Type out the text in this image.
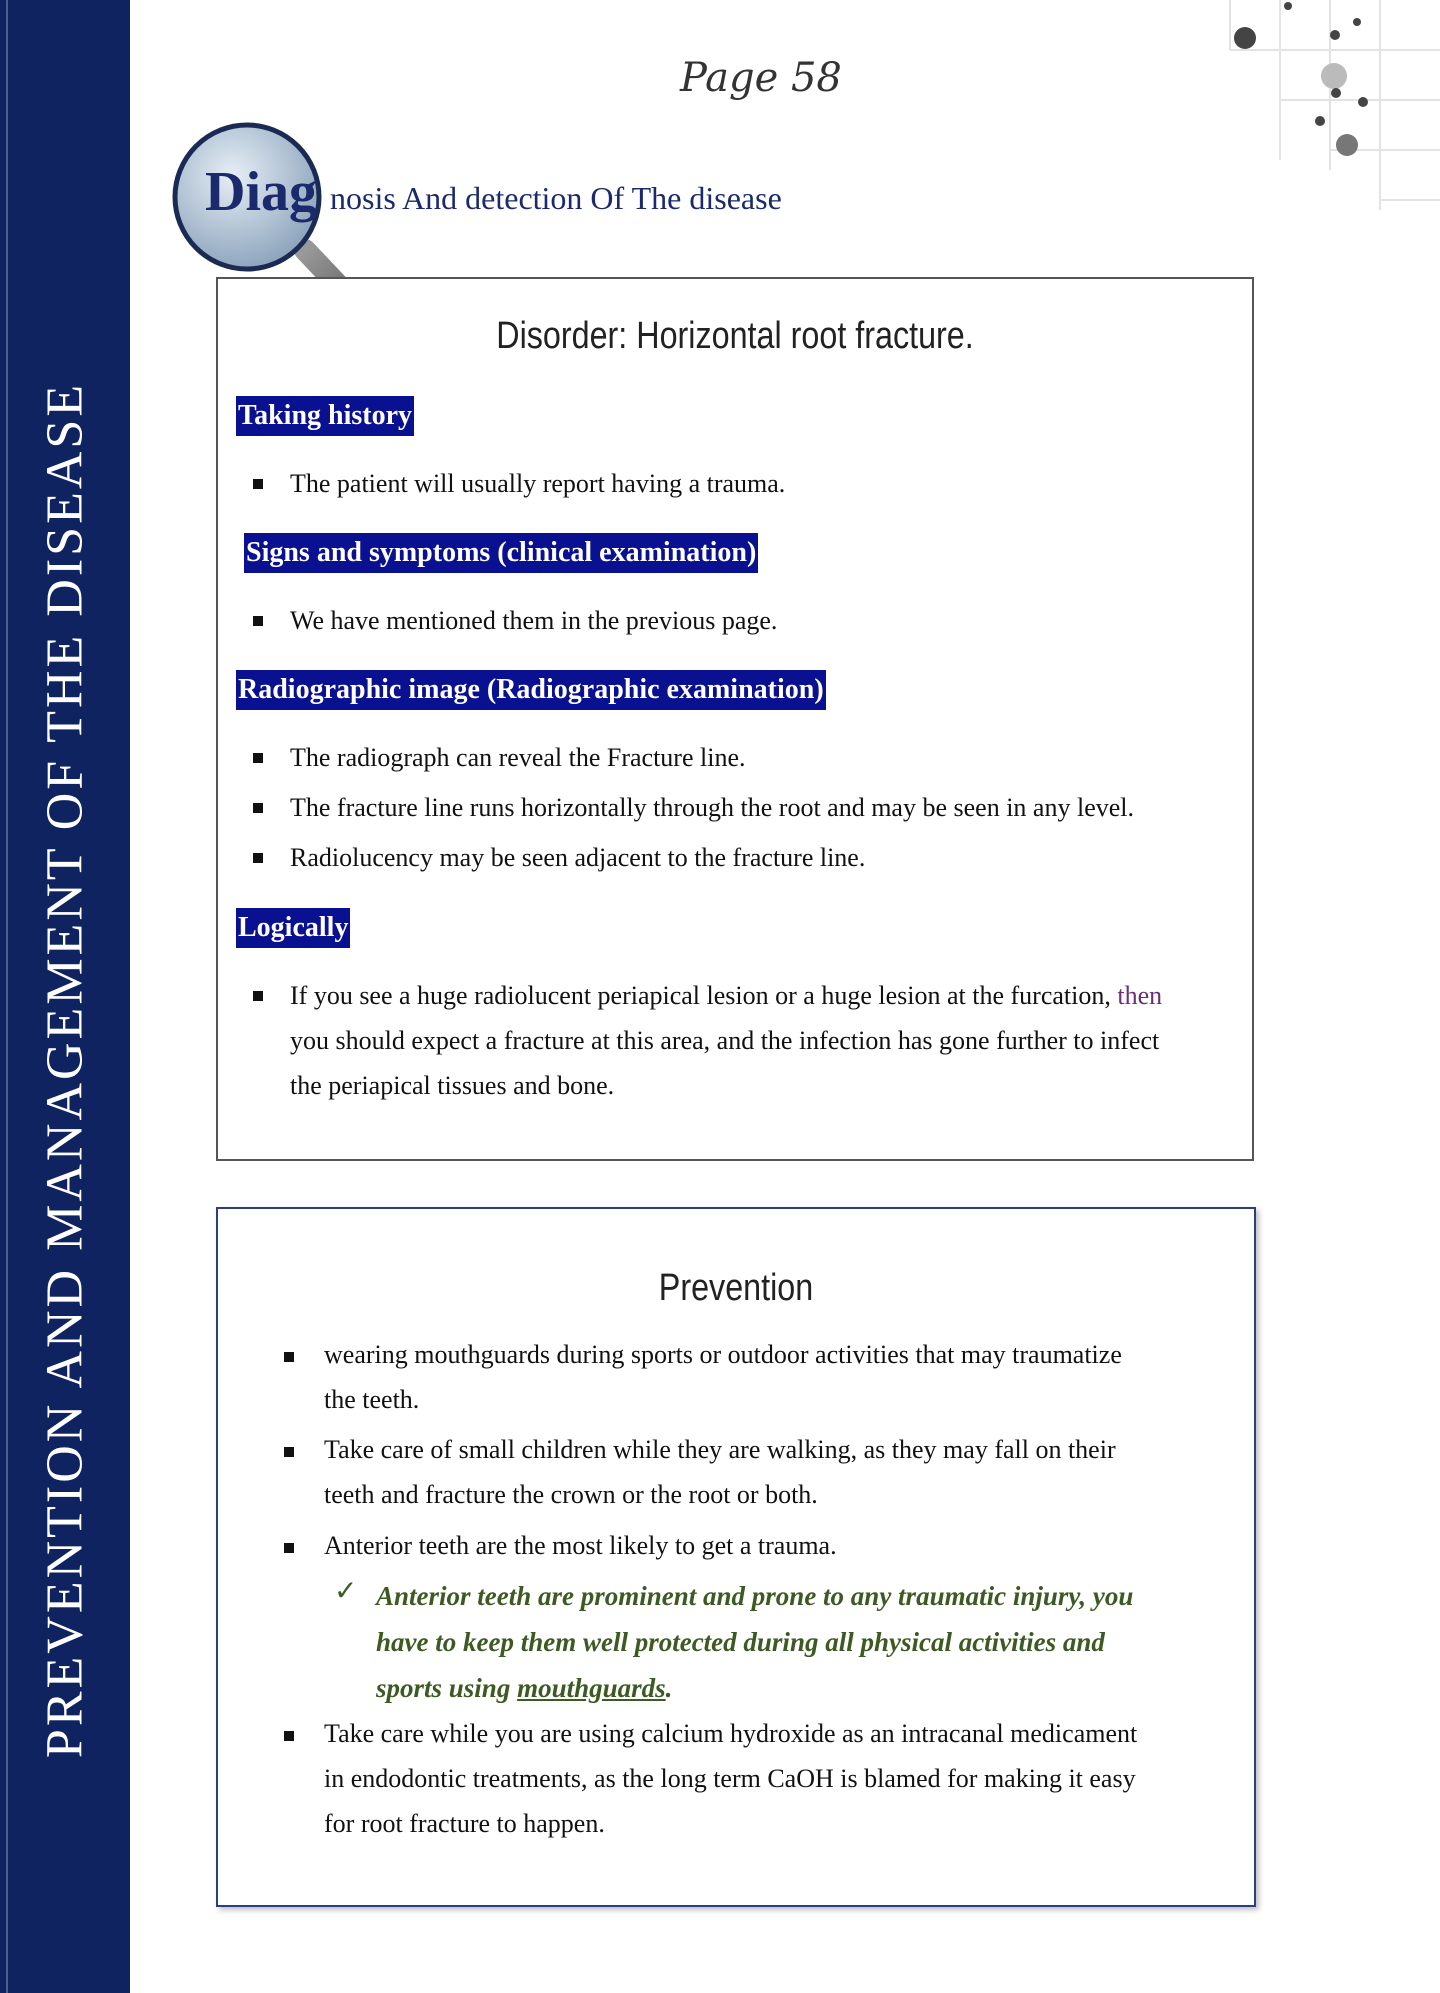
PREVENTION AND MANAGEMENT OF THE DISEASE
Page 58
Diag nosis And detection Of The disease
Disorder: Horizontal root fracture.
Taking history
The patient will usually report having a trauma.
Signs and symptoms (clinical examination)
We have mentioned them in the previous page.
Radiographic image (Radiographic examination)
The radiograph can reveal the Fracture line.
The fracture line runs horizontally through the root and may be seen in any level.
Radiolucency may be seen adjacent to the fracture line.
Logically
If you see a huge radiolucent periapical lesion or a huge lesion at the furcation, then
you should expect a fracture at this area, and the infection has gone further to infect
the periapical tissues and bone.
Prevention
wearing mouthguards during sports or outdoor activities that may traumatize
the teeth.
Take care of small children while they are walking, as they may fall on their
teeth and fracture the crown or the root or both.
Anterior teeth are the most likely to get a trauma.
✓ Anterior teeth are prominent and prone to any traumatic injury, you
have to keep them well protected during all physical activities and
sports using mouthguards.
Take care while you are using calcium hydroxide as an intracanal medicament
in endodontic treatments, as the long term CaOH is blamed for making it easy
for root fracture to happen.
